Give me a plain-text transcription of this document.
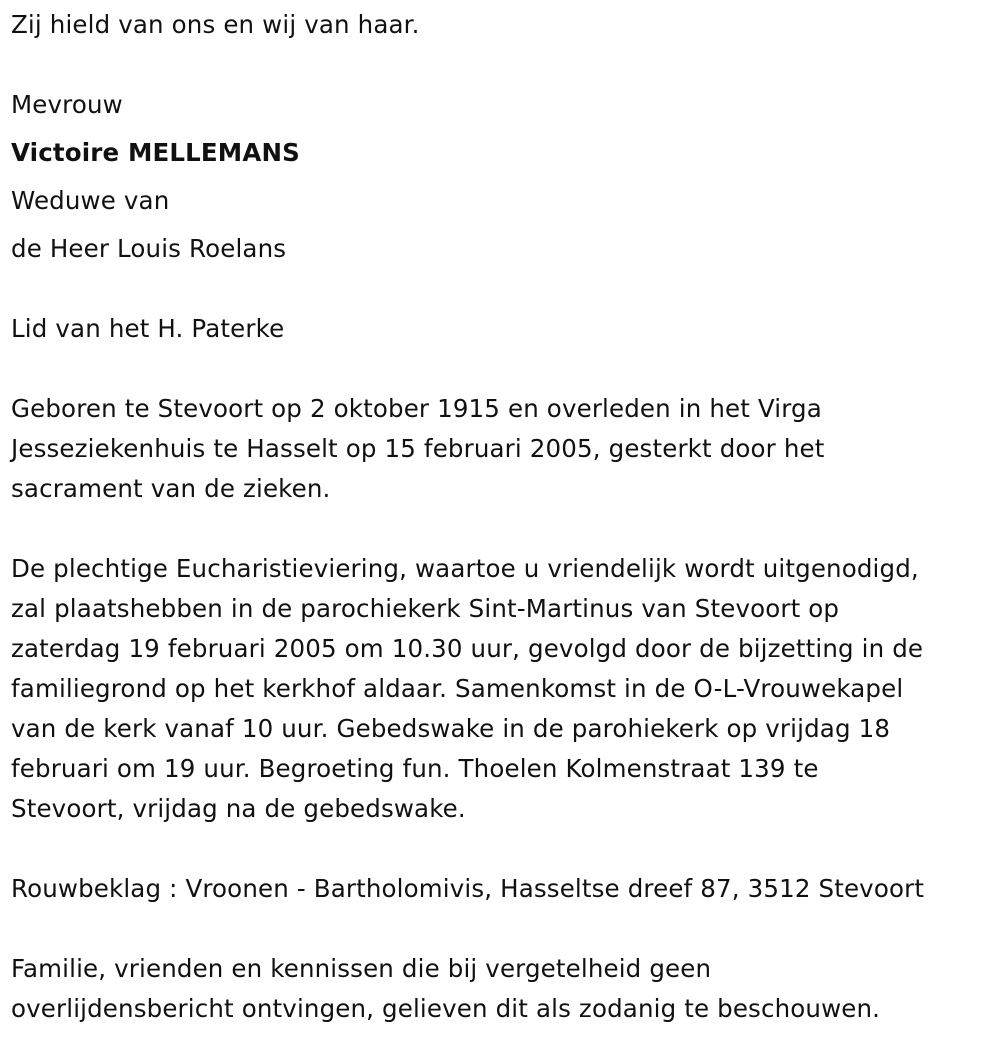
Zij hield van ons en wij van haar.
Mevrouw
Victoire MELLEMANS
Weduwe van
de Heer Louis Roelans
Lid van het H. Paterke

Geboren te Stevoort op 2 oktober 1915 en overleden in het Virga

Jesseziekenhuis te Hasselt op 15 februari 2005, gesterkt door het

sacrament van de zieken.

De plechtige Eucharistieviering, waartoe u vriendelijk wordt uitgenodigd,

zal plaatshebben in de parochiekerk Sint-Martinus van Stevoort op

zaterdag 19 februari 2005 om 10.30 uur, gevolgd door de bijzetting in de

familiegrond op het kerkhof aldaar. Samenkomst in de O-L-Vrouwekapel

van de kerk vanaf 10 uur. Gebedswake in de parohiekerk op vrijdag 18

februari om 19 uur. Begroeting fun. Thoelen Kolmenstraat 139 te

Stevoort, vrijdag na de gebedswake.

Rouwbeklag : Vroonen - Bartholomivis, Hasseltse dreef 87, 3512 Stevoort

Familie, vrienden en kennissen die bij vergetelheid geen

overlijdensbericht ontvingen, gelieven dit als zodanig te beschouwen.
